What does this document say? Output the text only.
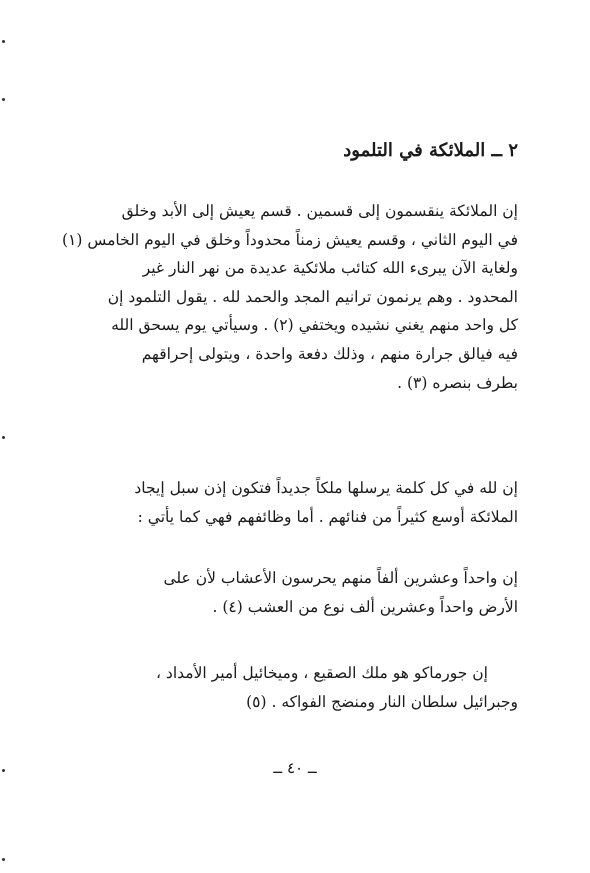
٢ ــ الملائكة في التلمود
إن الملائكة ينقسمون إلى قسمين . قسم يعيش إلى الأبد وخلق
في اليوم الثاني ، وقسم يعيش زمناً محدوداً وخلق في اليوم الخامس (١)
ولغاية الآن يبرىء الله كتائب ملائكية عديدة من نهر النار غير
المحدود . وهم يرنمون ترانيم المجد والحمد لله . يقول التلمود إن
كل واحد منهم يغني نشيده ويختفي (٢) . وسيأتي يوم يسحق الله
فيه فيالق جرارة منهم ، وذلك دفعة واحدة ، ويتولى إحراقهم
بطرف بنصره (٣) .
إن لله في كل كلمة يرسلها ملكاً جديداً فتكون إذن سبل إيجاد
الملائكة أوسع كثيراً من فنائهم . أما وظائفهم فهي كما يأتي :
إن واحداً وعشرين ألفاً منهم يحرسون الأعشاب لأن على
الأرض واحداً وعشرين ألف نوع من العشب (٤) .
إن جورماكو هو ملك الصقيع ، وميخائيل أمير الأمداد ،
وجبرائيل سلطان النار ومنضج الفواكه . (٥)

ــ ٤٠ ــ
